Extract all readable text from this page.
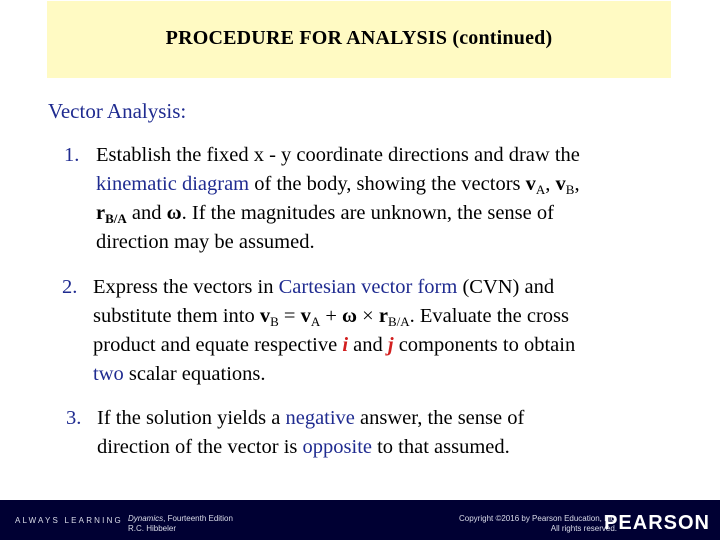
PROCEDURE FOR ANALYSIS (continued)
Vector Analysis:
1. Establish the fixed x - y coordinate directions and draw the
kinematic diagram of the body, showing the vectors $v_A$, $v_B$,
$r_{B/A}$ and ω. If the magnitudes are unknown, the sense of
direction may be assumed.
2. Express the vectors in Cartesian vector form (CVN) and
substitute them into $v_B = v_A + \omega \times r_{B/A}$. Evaluate the cross
product and equate respective i and j components to obtain
two scalar equations.
3. If the solution yields a negative answer, the sense of
direction of the vector is opposite to that assumed.
ALWAYS LEARNING Dynamics, Fourteenth Edition
R.C. Hibbeler
Copyright ©2016 by Pearson Education, Inc.
All rights reserved.
PEARSON
